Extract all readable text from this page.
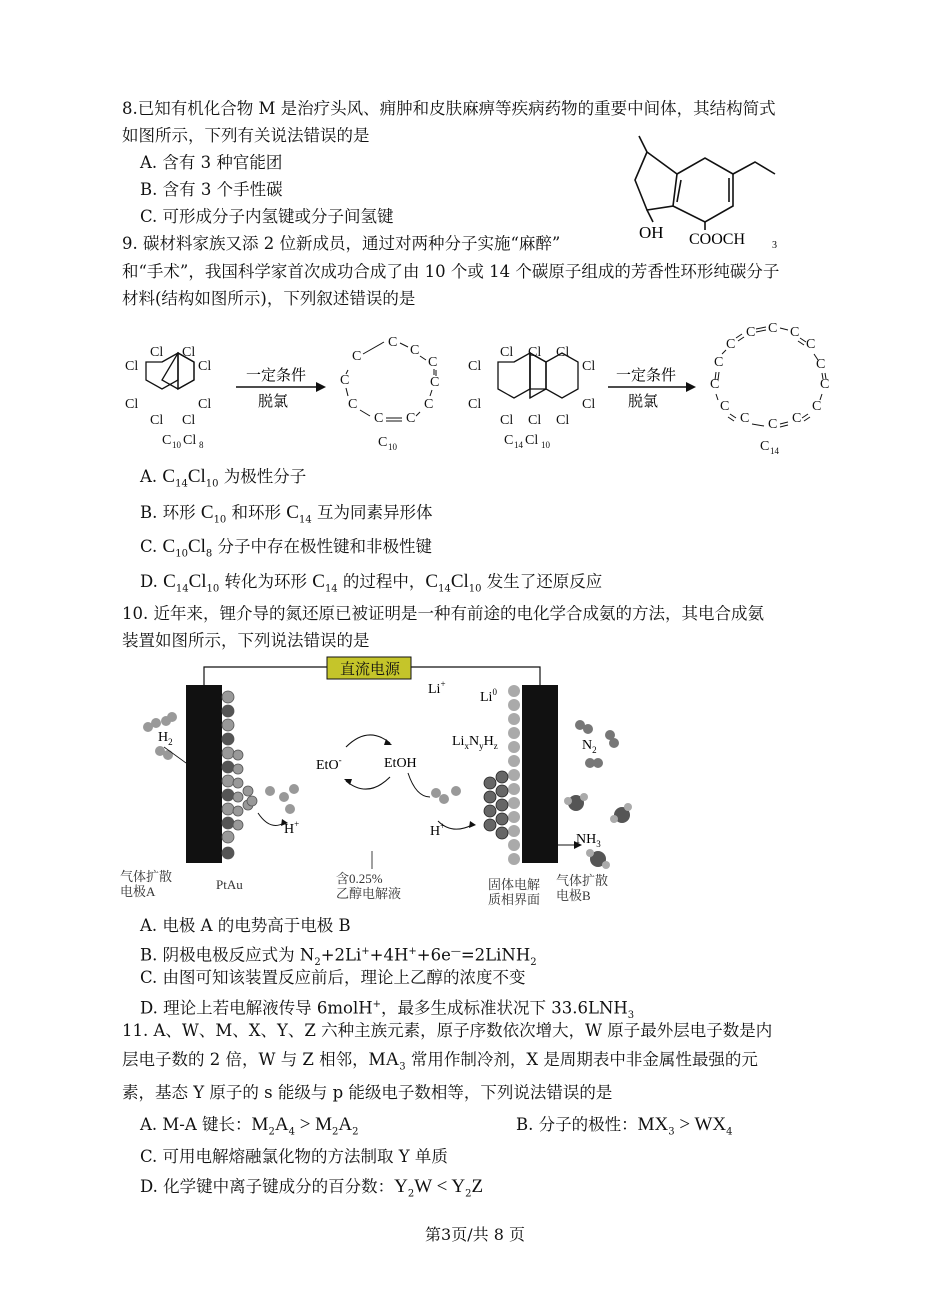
8.已知有机化合物 M 是治疗头风、痈肿和皮肤麻痹等疾病药物的重要中间体，其结构简式
如图所示，下列有关说法错误的是
A. 含有 3 种官能团
B. 含有 3 个手性碳
C. 可形成分子内氢键或分子间氢键
OH COOCH	3
9. 碳材料家族又添 2 位新成员，通过对两种分子实施“麻醉”
和“手术”，我国科学家首次成功合成了由 10 个或 14 个碳原子组成的芳香性环形纯碳分子
材料(结构如图所示)，下列叙述错误的是
Cl Cl
Cl	Cl
Cl	Cl
Cl Cl
C 10 Cl 8
一定条件
脱氯
C
C
C
C
C
C
C
C
C
C
C 10
Cl Cl Cl
Cl	Cl
Cl	Cl
Cl Cl Cl
C 14 Cl 10
一定条件
脱氯
C C
C
C
C
C
C
C
C
C
C
C
C
C
C 14
A. $C_{14}Cl_{10}$ 为极性分子
B. 环形 $C_{10}$ 和环形 $C_{14}$ 互为同素异形体
C. $C_{10}Cl_8$ 分子中存在极性键和非极性键
D. $C_{14}Cl_{10}$ 转化为环形 $C_{14}$ 的过程中，$C_{14}Cl_{10}$ 发生了还原反应
10. 近年来，锂介导的氮还原已被证明是一种有前途的电化学合成氨的方法，其电合成氨
装置如图所示，下列说法错误的是
直流电源
$H_2$
H+
EtO-	EtOH
H+
Li+
Li$^0$
$Li_xN_yH_z$	$N_2$
$NH_3$
气体扩散
电极A	PtAu	含0.25%
乙醇电解液
固体电解
质相界面
气体扩散
电极B
A. 电极 A 的电势高于电极 B
B. 阴极电极反应式为 $N_2+2Li^++4H^++6e^—=2LiNH_2$
C. 由图可知该装置反应前后，理论上乙醇的浓度不变
D. 理论上若电解液传导 6molH+，最多生成标准状况下 $33.6LNH_3$
11. A、W、M、X、Y、Z 六种主族元素，原子序数依次增大，W 原子最外层电子数是内
层电子数的 2 倍，W 与 Z 相邻，$MA_3$ 常用作制冷剂，X 是周期表中非金属性最强的元
素，基态 Y 原子的 s 能级与 p 能级电子数相等，下列说法错误的是
A. M-A 键长：$M_2A_4 > M_2A_2$	B. 分子的极性：$MX_3 > WX_4$
C. 可用电解熔融氯化物的方法制取 Y 单质
D. 化学键中离子键成分的百分数：$Y_2W < Y_2Z$
第3页/共 8 页
